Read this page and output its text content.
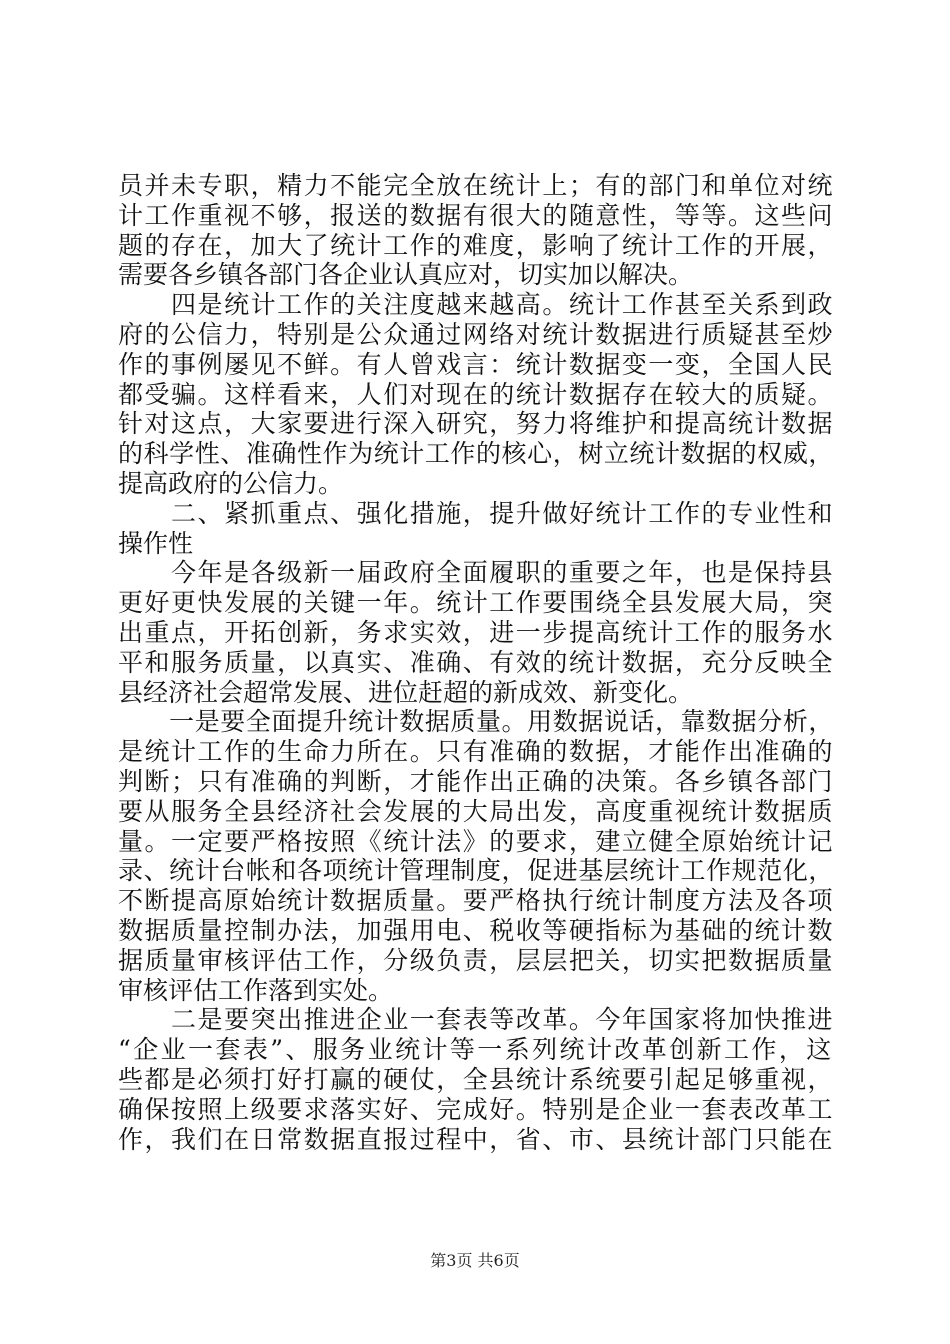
员并未专职，精力不能完全放在统计上；有的部门和单位对统
计工作重视不够，报送的数据有很大的随意性，等等。这些问
题的存在，加大了统计工作的难度，影响了统计工作的开展，
需要各乡镇各部门各企业认真应对，切实加以解决。
　　四是统计工作的关注度越来越高。统计工作甚至关系到政
府的公信力，特别是公众通过网络对统计数据进行质疑甚至炒
作的事例屡见不鲜。有人曾戏言：统计数据变一变，全国人民
都受骗。这样看来，人们对现在的统计数据存在较大的质疑。
针对这点，大家要进行深入研究，努力将维护和提高统计数据
的科学性、准确性作为统计工作的核心，树立统计数据的权威，
提高政府的公信力。
　　二、紧抓重点、强化措施，提升做好统计工作的专业性和
操作性
　　今年是各级新一届政府全面履职的重要之年，也是保持县
更好更快发展的关键一年。统计工作要围绕全县发展大局，突
出重点，开拓创新，务求实效，进一步提高统计工作的服务水
平和服务质量，以真实、准确、有效的统计数据，充分反映全
县经济社会超常发展、进位赶超的新成效、新变化。
　　一是要全面提升统计数据质量。用数据说话，靠数据分析，
是统计工作的生命力所在。只有准确的数据，才能作出准确的
判断；只有准确的判断，才能作出正确的决策。各乡镇各部门
要从服务全县经济社会发展的大局出发，高度重视统计数据质
量。一定要严格按照《统计法》的要求，建立健全原始统计记
录、统计台帐和各项统计管理制度，促进基层统计工作规范化，
不断提高原始统计数据质量。要严格执行统计制度方法及各项
数据质量控制办法，加强用电、税收等硬指标为基础的统计数
据质量审核评估工作，分级负责，层层把关，切实把数据质量
审核评估工作落到实处。
　　二是要突出推进企业一套表等改革。今年国家将加快推进
“企业一套表”、服务业统计等一系列统计改革创新工作，这
些都是必须打好打赢的硬仗，全县统计系统要引起足够重视，
确保按照上级要求落实好、完成好。特别是企业一套表改革工
作，我们在日常数据直报过程中，省、市、县统计部门只能在
第3页 共6页
